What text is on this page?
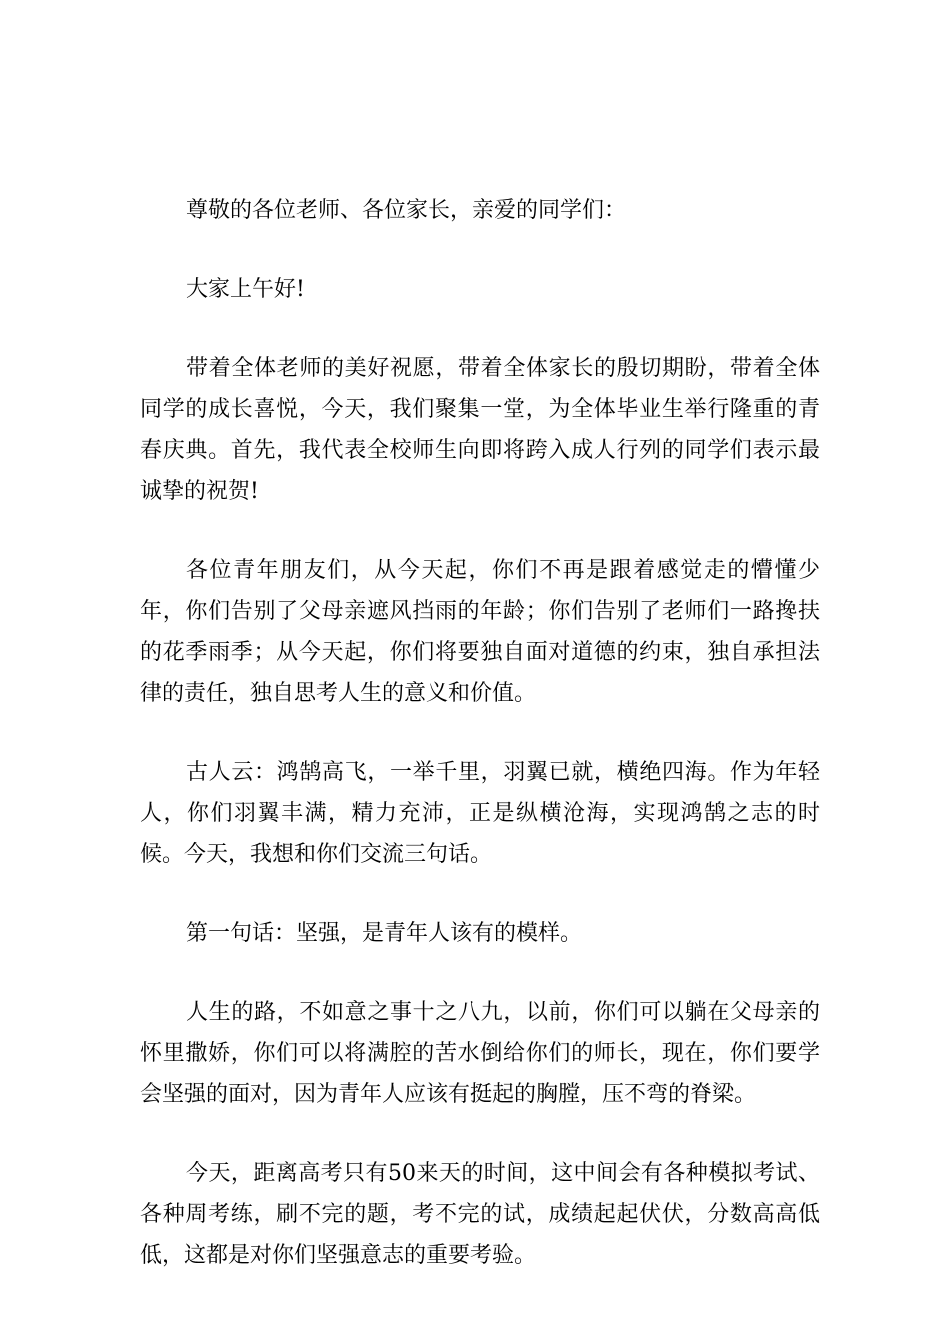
尊敬的各位老师、各位家长，亲爱的同学们：

大家上午好!

带着全体老师的美好祝愿，带着全体家长的殷切期盼，带着全体同学的成长喜悦，今天，我们聚集一堂，为全体毕业生举行隆重的青春庆典。首先，我代表全校师生向即将跨入成人行列的同学们表示最诚挚的祝贺!

各位青年朋友们，从今天起，你们不再是跟着感觉走的懵懂少年，你们告别了父母亲遮风挡雨的年龄；你们告别了老师们一路搀扶的花季雨季；从今天起，你们将要独自面对道德的约束，独自承担法律的责任，独自思考人生的意义和价值。

古人云：鸿鹄高飞，一举千里，羽翼已就，横绝四海。作为年轻人，你们羽翼丰满，精力充沛，正是纵横沧海，实现鸿鹄之志的时候。今天，我想和你们交流三句话。

第一句话：坚强，是青年人该有的模样。

人生的路，不如意之事十之八九，以前，你们可以躺在父母亲的怀里撒娇，你们可以将满腔的苦水倒给你们的师长，现在，你们要学会坚强的面对，因为青年人应该有挺起的胸膛，压不弯的脊梁。

今天，距离高考只有50来天的时间，这中间会有各种模拟考试、各种周考练，刷不完的题，考不完的试，成绩起起伏伏，分数高高低低，这都是对你们坚强意志的重要考验。
